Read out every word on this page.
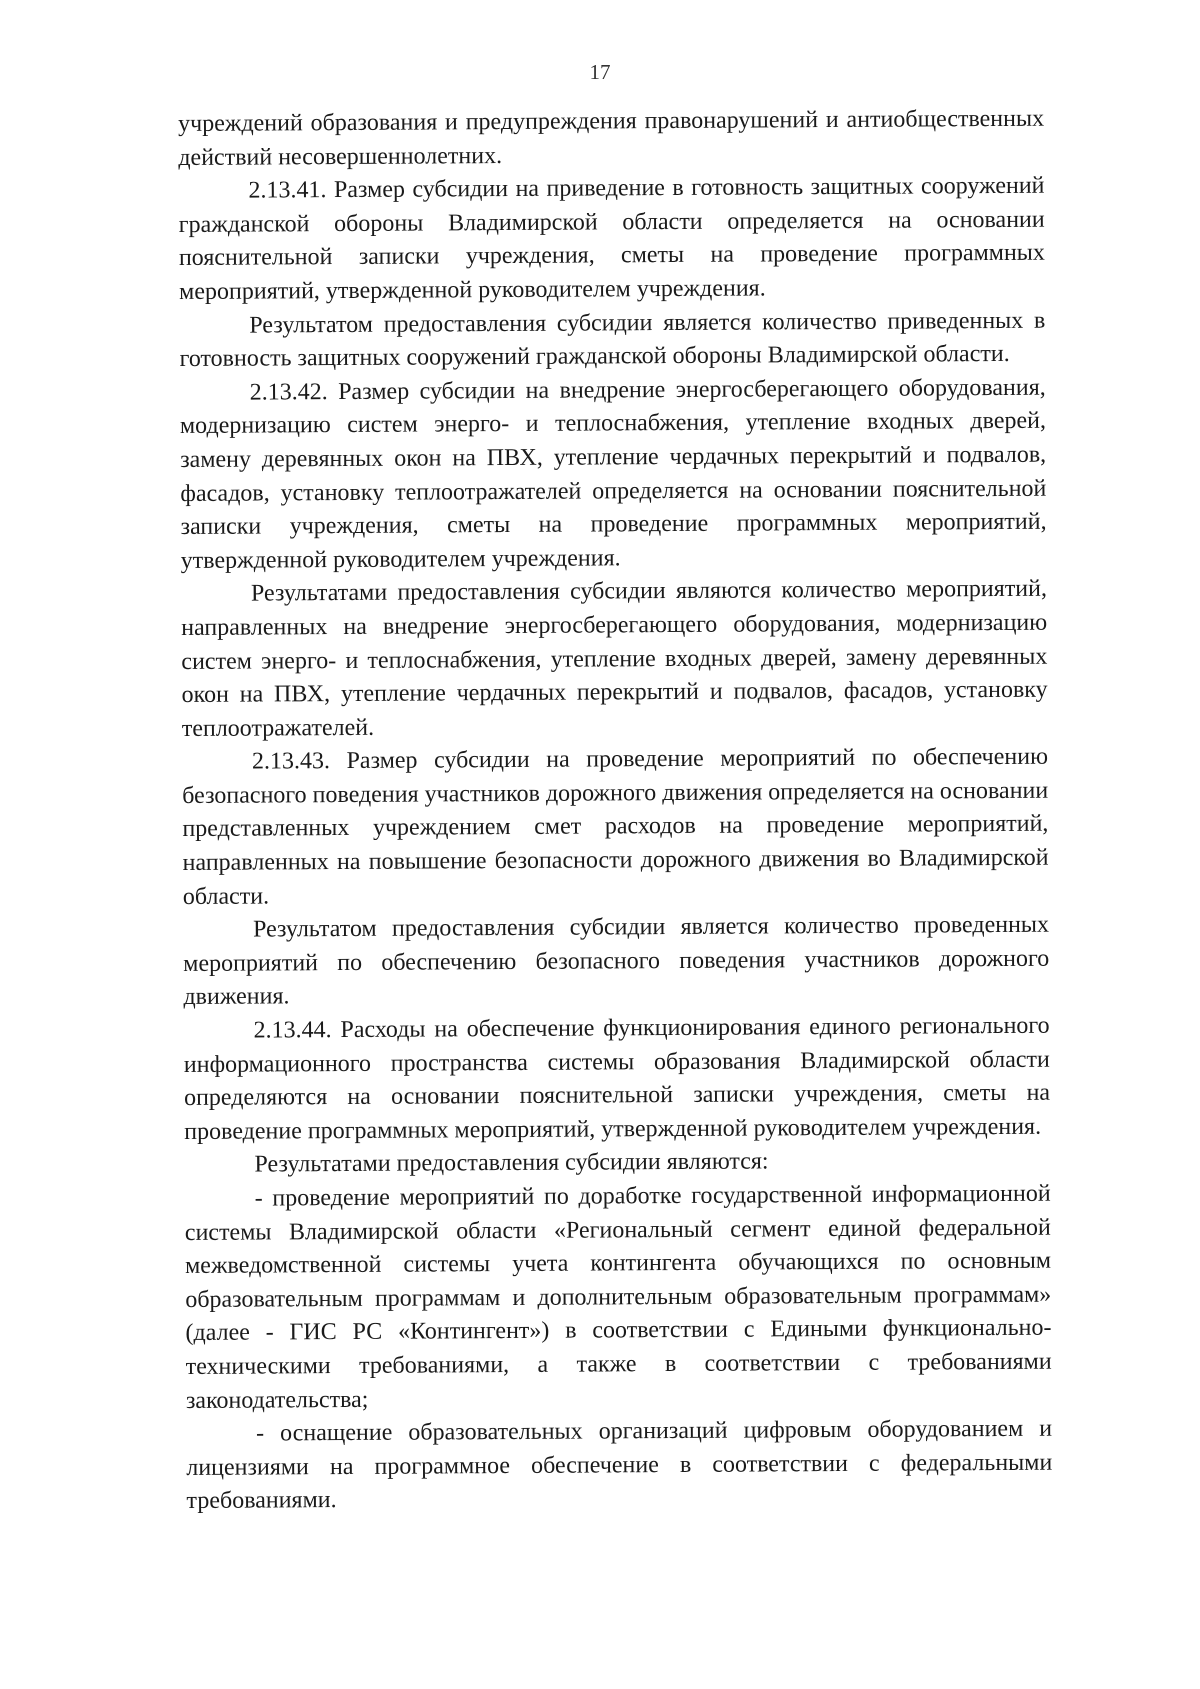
17

учреждений образования и предупреждения правонарушений и антиобщественных действий несовершеннолетних.

2.13.41. Размер субсидии на приведение в готовность защитных сооружений гражданской обороны Владимирской области определяется на основании пояснительной записки учреждения, сметы на проведение программных мероприятий, утвержденной руководителем учреждения.

Результатом предоставления субсидии является количество приведенных в готовность защитных сооружений гражданской обороны Владимирской области.

2.13.42. Размер субсидии на внедрение энергосберегающего оборудования, модернизацию систем энерго- и теплоснабжения, утепление входных дверей, замену деревянных окон на ПВХ, утепление чердачных перекрытий и подвалов, фасадов, установку теплоотражателей определяется на основании пояснительной записки учреждения, сметы на проведение программных мероприятий, утвержденной руководителем учреждения.

Результатами предоставления субсидии являются количество мероприятий, направленных на внедрение энергосберегающего оборудования, модернизацию систем энерго- и теплоснабжения, утепление входных дверей, замену деревянных окон на ПВХ, утепление чердачных перекрытий и подвалов, фасадов, установку теплоотражателей.

2.13.43. Размер субсидии на проведение мероприятий по обеспечению безопасного поведения участников дорожного движения определяется на основании представленных учреждением смет расходов на проведение мероприятий, направленных на повышение безопасности дорожного движения во Владимирской области.

Результатом предоставления субсидии является количество проведенных мероприятий по обеспечению безопасного поведения участников дорожного движения.

2.13.44. Расходы на обеспечение функционирования единого регионального информационного пространства системы образования Владимирской области определяются на основании пояснительной записки учреждения, сметы на проведение программных мероприятий, утвержденной руководителем учреждения.

Результатами предоставления субсидии являются:

- проведение мероприятий по доработке государственной информационной системы Владимирской области «Региональный сегмент единой федеральной межведомственной системы учета контингента обучающихся по основным образовательным программам и дополнительным образовательным программам» (далее - ГИС РС «Контингент») в соответствии с Едиными функционально-техническими требованиями, а также в соответствии с требованиями законодательства;

- оснащение образовательных организаций цифровым оборудованием и лицензиями на программное обеспечение в соответствии с федеральными требованиями.
